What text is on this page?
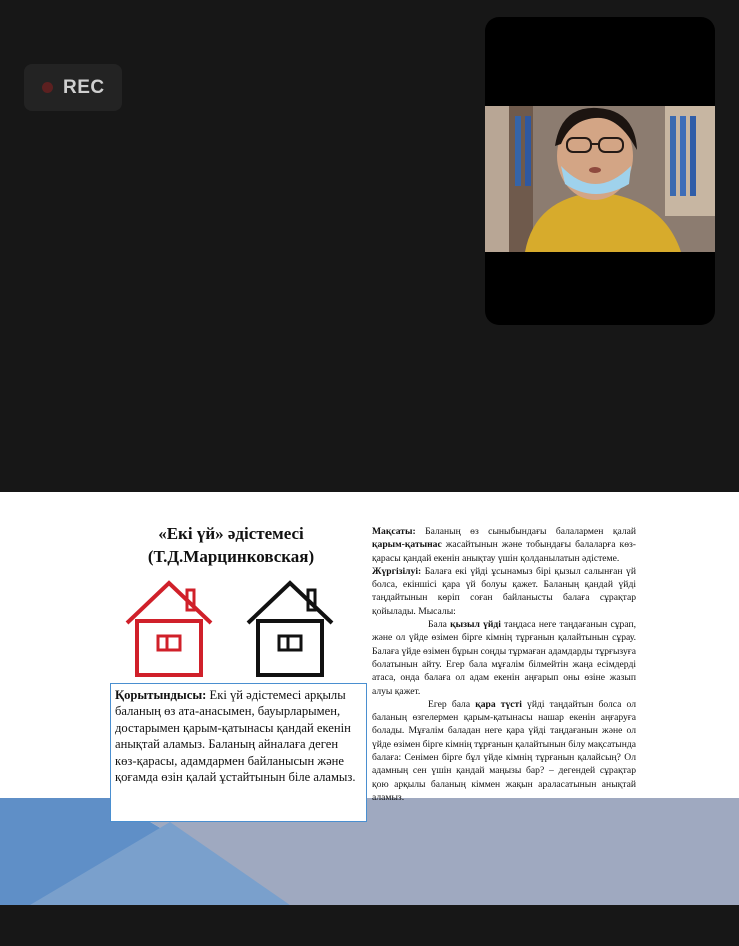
REC
«Екі үй» әдістемесі
(Т.Д.Марцинковская)
Қорытындысы: Екі үй әдістемесі арқылы баланың өз ата-анасымен, бауырларымен, достарымен қарым-қатынасы қандай екенін анықтай аламыз. Баланың айналаға деген көз-қарасы, адамдармен байланысын және қоғамда өзін қалай ұстайтынын біле аламыз.

Мақсаты: Баланың өз сыныбындағы балалармен қалай қарым-қатынас жасайтынын және тобындағы балаларға көз-қарасы қандай екенін анықтау үшін қолданылатын әдістеме.

Жүргізілуі: Балаға екі үйді ұсынамыз бірі қызыл салынған үй болса, екіншісі қара үй болуы қажет. Баланың қандай үйді таңдайтынын көріп соған байланысты балаға сұрақтар қойылады. Мысалы:

Бала қызыл үйді таңдаса неге таңдағанын сұрап, және ол үйде өзімен бірге кімнің тұрғанын қалайтынын сұрау. Балаға үйде өзімен бұрын соңды тұрмаған адамдарды тұрғызуға болатынын айту. Егер бала мұғалім білмейтін жаңа есімдерді атаса, онда балаға ол адам екенін аңғарып оны өзіне жазып алуы қажет.

Егер бала қара түсті үйді таңдайтын болса ол баланың өзгелермен қарым-қатынасы нашар екенін аңғаруға болады. Мұғалім баладан неге қара үйді таңдағанын және ол үйде өзімен бірге кімнің тұрғанын қалайтынын білу мақсатында балаға: Сенімен бірге бұл үйде кімнің тұрғанын қалайсың? Ол адамның сен үшін қандай маңызы бар? – дегендей сұрақтар қою арқылы баланың кіммен жақын араласатынын анықтай аламыз.
